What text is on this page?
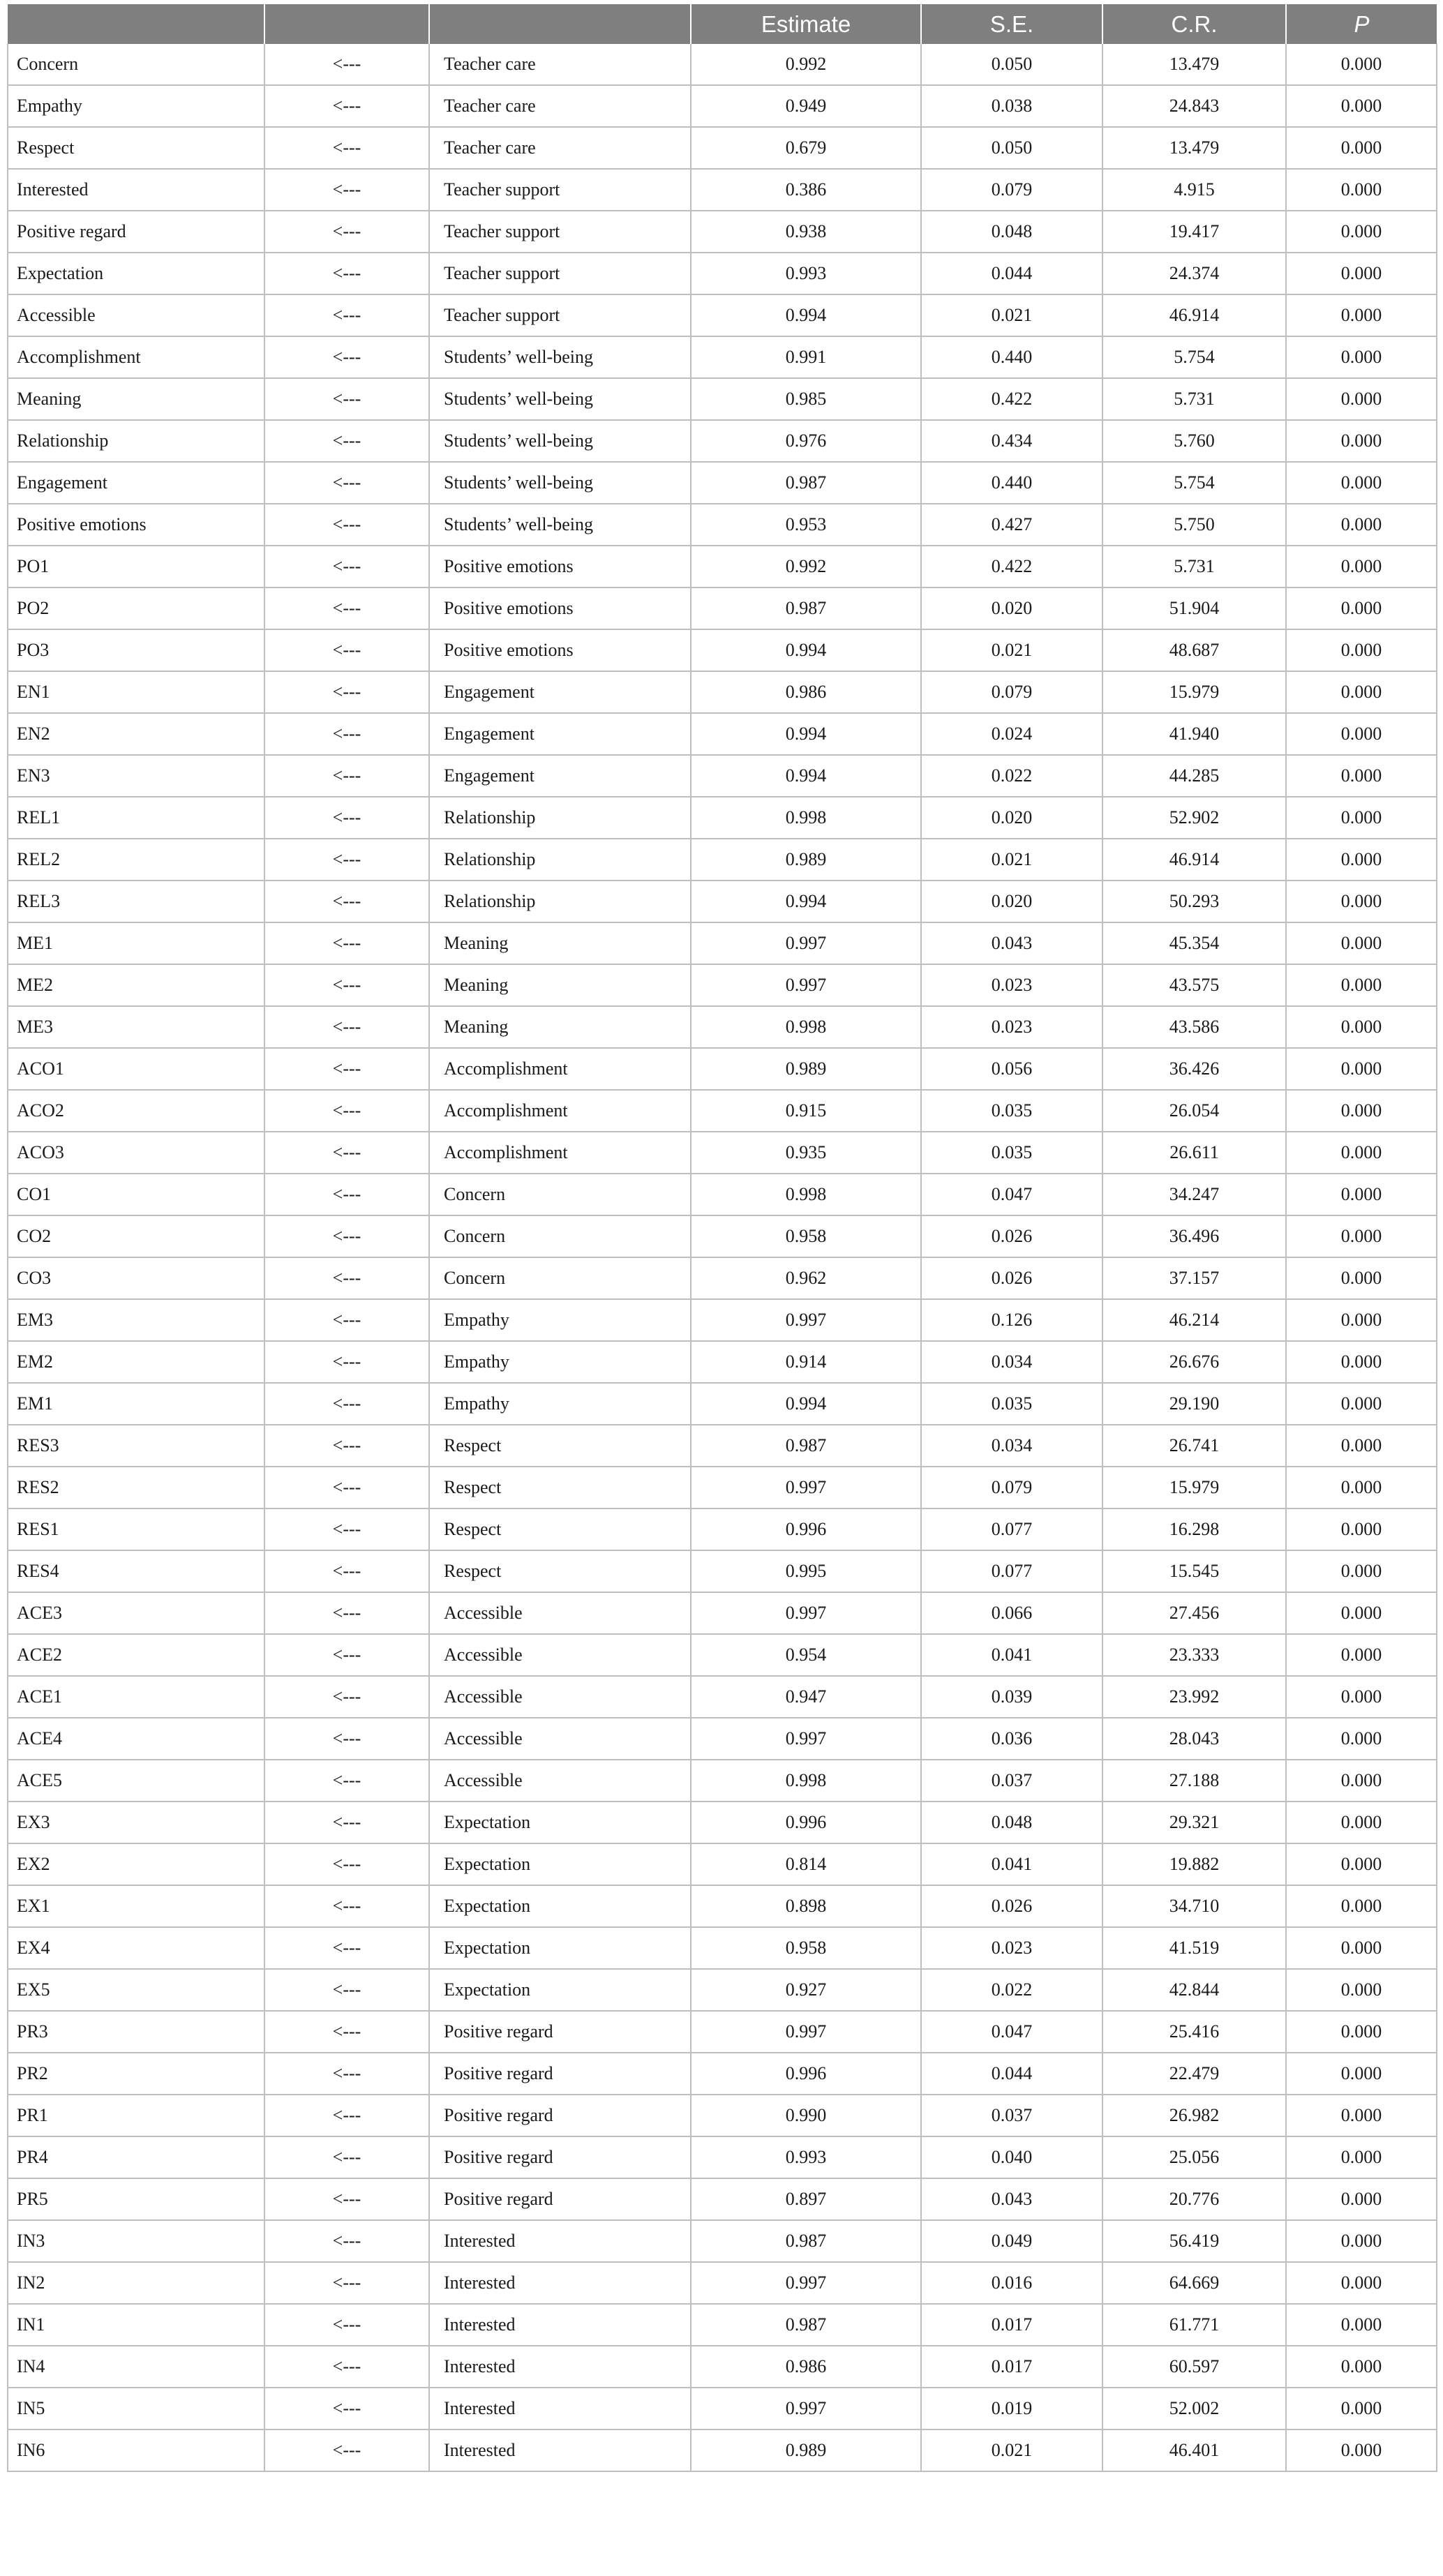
			Estimate	S.E.	C.R.	P
Concern	<---	Teacher care	0.992	0.050	13.479	0.000
Empathy	<---	Teacher care	0.949	0.038	24.843	0.000
Respect	<---	Teacher care	0.679	0.050	13.479	0.000
Interested	<---	Teacher support	0.386	0.079	4.915	0.000
Positive regard	<---	Teacher support	0.938	0.048	19.417	0.000
Expectation	<---	Teacher support	0.993	0.044	24.374	0.000
Accessible	<---	Teacher support	0.994	0.021	46.914	0.000
Accomplishment	<---	Students’ well-being	0.991	0.440	5.754	0.000
Meaning	<---	Students’ well-being	0.985	0.422	5.731	0.000
Relationship	<---	Students’ well-being	0.976	0.434	5.760	0.000
Engagement	<---	Students’ well-being	0.987	0.440	5.754	0.000
Positive emotions	<---	Students’ well-being	0.953	0.427	5.750	0.000
PO1	<---	Positive emotions	0.992	0.422	5.731	0.000
PO2	<---	Positive emotions	0.987	0.020	51.904	0.000
PO3	<---	Positive emotions	0.994	0.021	48.687	0.000
EN1	<---	Engagement	0.986	0.079	15.979	0.000
EN2	<---	Engagement	0.994	0.024	41.940	0.000
EN3	<---	Engagement	0.994	0.022	44.285	0.000
REL1	<---	Relationship	0.998	0.020	52.902	0.000
REL2	<---	Relationship	0.989	0.021	46.914	0.000
REL3	<---	Relationship	0.994	0.020	50.293	0.000
ME1	<---	Meaning	0.997	0.043	45.354	0.000
ME2	<---	Meaning	0.997	0.023	43.575	0.000
ME3	<---	Meaning	0.998	0.023	43.586	0.000
ACO1	<---	Accomplishment	0.989	0.056	36.426	0.000
ACO2	<---	Accomplishment	0.915	0.035	26.054	0.000
ACO3	<---	Accomplishment	0.935	0.035	26.611	0.000
CO1	<---	Concern	0.998	0.047	34.247	0.000
CO2	<---	Concern	0.958	0.026	36.496	0.000
CO3	<---	Concern	0.962	0.026	37.157	0.000
EM3	<---	Empathy	0.997	0.126	46.214	0.000
EM2	<---	Empathy	0.914	0.034	26.676	0.000
EM1	<---	Empathy	0.994	0.035	29.190	0.000
RES3	<---	Respect	0.987	0.034	26.741	0.000
RES2	<---	Respect	0.997	0.079	15.979	0.000
RES1	<---	Respect	0.996	0.077	16.298	0.000
RES4	<---	Respect	0.995	0.077	15.545	0.000
ACE3	<---	Accessible	0.997	0.066	27.456	0.000
ACE2	<---	Accessible	0.954	0.041	23.333	0.000
ACE1	<---	Accessible	0.947	0.039	23.992	0.000
ACE4	<---	Accessible	0.997	0.036	28.043	0.000
ACE5	<---	Accessible	0.998	0.037	27.188	0.000
EX3	<---	Expectation	0.996	0.048	29.321	0.000
EX2	<---	Expectation	0.814	0.041	19.882	0.000
EX1	<---	Expectation	0.898	0.026	34.710	0.000
EX4	<---	Expectation	0.958	0.023	41.519	0.000
EX5	<---	Expectation	0.927	0.022	42.844	0.000
PR3	<---	Positive regard	0.997	0.047	25.416	0.000
PR2	<---	Positive regard	0.996	0.044	22.479	0.000
PR1	<---	Positive regard	0.990	0.037	26.982	0.000
PR4	<---	Positive regard	0.993	0.040	25.056	0.000
PR5	<---	Positive regard	0.897	0.043	20.776	0.000
IN3	<---	Interested	0.987	0.049	56.419	0.000
IN2	<---	Interested	0.997	0.016	64.669	0.000
IN1	<---	Interested	0.987	0.017	61.771	0.000
IN4	<---	Interested	0.986	0.017	60.597	0.000
IN5	<---	Interested	0.997	0.019	52.002	0.000
IN6	<---	Interested	0.989	0.021	46.401	0.000
